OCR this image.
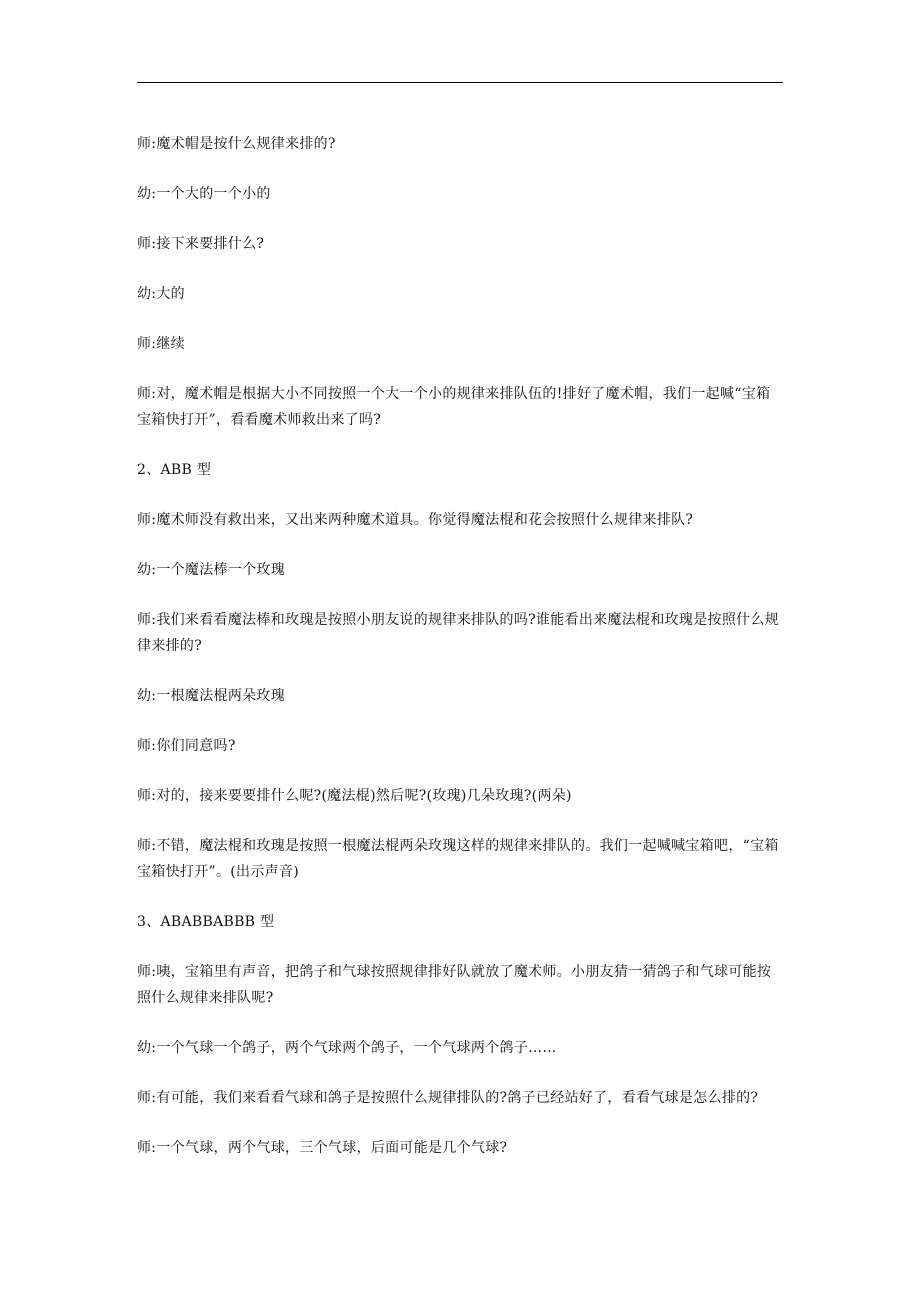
师:魔术帽是按什么规律来排的?

幼:一个大的一个小的

师:接下来要排什么?

幼:大的

师:继续

师:对，魔术帽是根据大小不同按照一个大一个小的规律来排队伍的!排好了魔术帽，我们一起喊“宝箱宝箱快打开”，看看魔术师救出来了吗?

2、ABB 型

师:魔术师没有救出来，又出来两种魔术道具。你觉得魔法棍和花会按照什么规律来排队?

幼:一个魔法棒一个玫瑰

师:我们来看看魔法棒和玫瑰是按照小朋友说的规律来排队的吗?谁能看出来魔法棍和玫瑰是按照什么规律来排的?

幼:一根魔法棍两朵玫瑰

师:你们同意吗?

师:对的，接来要要排什么呢?(魔法棍)然后呢?(玫瑰)几朵玫瑰?(两朵)

师:不错，魔法棍和玫瑰是按照一根魔法棍两朵玫瑰这样的规律来排队的。我们一起喊喊宝箱吧，“宝箱宝箱快打开”。(出示声音)

3、ABABBABBB 型

师:咦，宝箱里有声音，把鸽子和气球按照规律排好队就放了魔术师。小朋友猜一猜鸽子和气球可能按照什么规律来排队呢?

幼:一个气球一个鸽子，两个气球两个鸽子，一个气球两个鸽子……

师:有可能，我们来看看气球和鸽子是按照什么规律排队的?鸽子已经站好了，看看气球是怎么排的?

师:一个气球，两个气球，三个气球，后面可能是几个气球?
